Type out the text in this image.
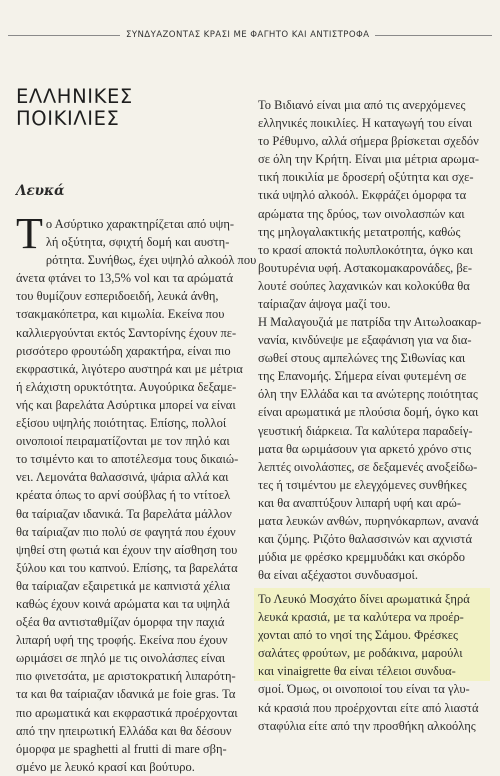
ΣΥΝΔΥΑΖΟΝΤΑΣ ΚΡΑΣΙ ΜΕ ΦΑΓΗΤΟ ΚΑΙ ΑΝΤΙΣΤΡΟΦΑ
ΕΛΛΗΝΙΚΕΣ
ΠΟΙΚΙΛΙΕΣ
Λευκά
Τ ο Ασύρτικο χαρακτηρίζεται από υψη-
λή οξύτητα, σφιχτή δομή και αυστη-
ρότητα. Συνήθως, έχει υψηλό αλκοόλ που
άνετα φτάνει το 13,5% vol και τα αρώματά
του θυμίζουν εσπεριδοειδή, λευκά άνθη,
τσακμακόπετρα, και κιμωλία. Εκείνα που
καλλιεργούνται εκτός Σαντορίνης έχουν πε-
ρισσότερο φρουτώδη χαρακτήρα, είναι πιο
εκφραστικά, λιγότερο αυστηρά και με μέτρια
ή ελάχιστη ορυκτότητα. Αυγούρικα δεξαμε-
νής και βαρελάτα Ασύρτικα μπορεί να είναι
εξίσου υψηλής ποιότητας. Επίσης, πολλοί
οινοποιοί πειραματίζονται με τον πηλό και
το τσιμέντο και το αποτέλεσμα τους δικαιώ-
νει. Λεμονάτα θαλασσινά, ψάρια αλλά και
κρέατα όπως το αρνί σούβλας ή το ντίτοελ
θα ταίριαζαν ιδανικά. Τα βαρελάτα μάλλον
θα ταίριαζαν πιο πολύ σε φαγητά που έχουν
ψηθεί στη φωτιά και έχουν την αίσθηση του
ξύλου και του καπνού. Επίσης, τα βαρελάτα
θα ταίριαζαν εξαιρετικά με καπνιστά χέλια
καθώς έχουν κοινά αρώματα και τα υψηλά
οξέα θα αντισταθμίζαν όμορφα την παχιά
λιπαρή υφή της τροφής. Εκείνα που έχουν
ωριμάσει σε πηλό με τις οινολάσπες είναι
πιο φινετσάτα, με αριστοκρατική λιπαρότη-
τα και θα ταίριαζαν ιδανικά με foie gras. Τα
πιο αρωματικά και εκφραστικά προέρχονται
από την ηπειρωτική Ελλάδα και θα δέσουν
όμορφα με spaghetti al frutti di mare σβη-
σμένο με λευκό κρασί και βούτυρο.
Το Βιδιανό είναι μια από τις ανερχόμενες
ελληνικές ποικιλίες. Η καταγωγή του είναι
το Ρέθυμνο, αλλά σήμερα βρίσκεται σχεδόν
σε όλη την Κρήτη. Είναι μια μέτρια αρωμα-
τική ποικιλία με δροσερή οξύτητα και σχε-
τικά υψηλό αλκοόλ. Εκφράζει όμορφα τα
αρώματα της δρύος, των οινολασπών και
της μηλογαλακτικής μετατροπής, καθώς
το κρασί αποκτά πολυπλοκότητα, όγκο και
βουτυρένια υφή. Αστακομακαρονάδες, βε-
λουτέ σούπες λαχανικών και κολοκύθα θα
ταίριαζαν άψογα μαζί του.
Η Μαλαγουζιά με πατρίδα την Αιτωλοακαρ-
νανία, κινδύνεψε με εξαφάνιση για να δια-
σωθεί στους αμπελώνες της Σιθωνίας και
της Επανομής. Σήμερα είναι φυτεμένη σε
όλη την Ελλάδα και τα ανώτερης ποιότητας
είναι αρωματικά με πλούσια δομή, όγκο και
γευστική διάρκεια. Τα καλύτερα παραδείγ-
ματα θα ωριμάσουν για αρκετό χρόνο στις
λεπτές οινολάσπες, σε δεξαμενές ανοξείδω-
τες ή τσιμέντου με ελεγχόμενες συνθήκες
και θα αναπτύξουν λιπαρή υφή και αρώ-
ματα λευκών ανθών, πυρηνόκαρπων, ανανά
και ζύμης. Ριζότο θαλασσινών και αχνιστά
μύδια με φρέσκο κρεμμυδάκι και σκόρδο
θα είναι αξέχαστοι συνδυασμοί.
Το Λευκό Μοσχάτο δίνει αρωματικά ξηρά
λευκά κρασιά, με τα καλύτερα να προέρ-
χονται από το νησί της Σάμου. Φρέσκες
σαλάτες φρούτων, με ροδάκινα, μαρούλι
και vinaigrette θα είναι τέλειοι συνδυα-
σμοί. Όμως, οι οινοποιοί του είναι τα γλυ-
κά κρασιά που προέρχονται είτε από λιαστά
σταφύλια είτε από την προσθήκη αλκοόλης
